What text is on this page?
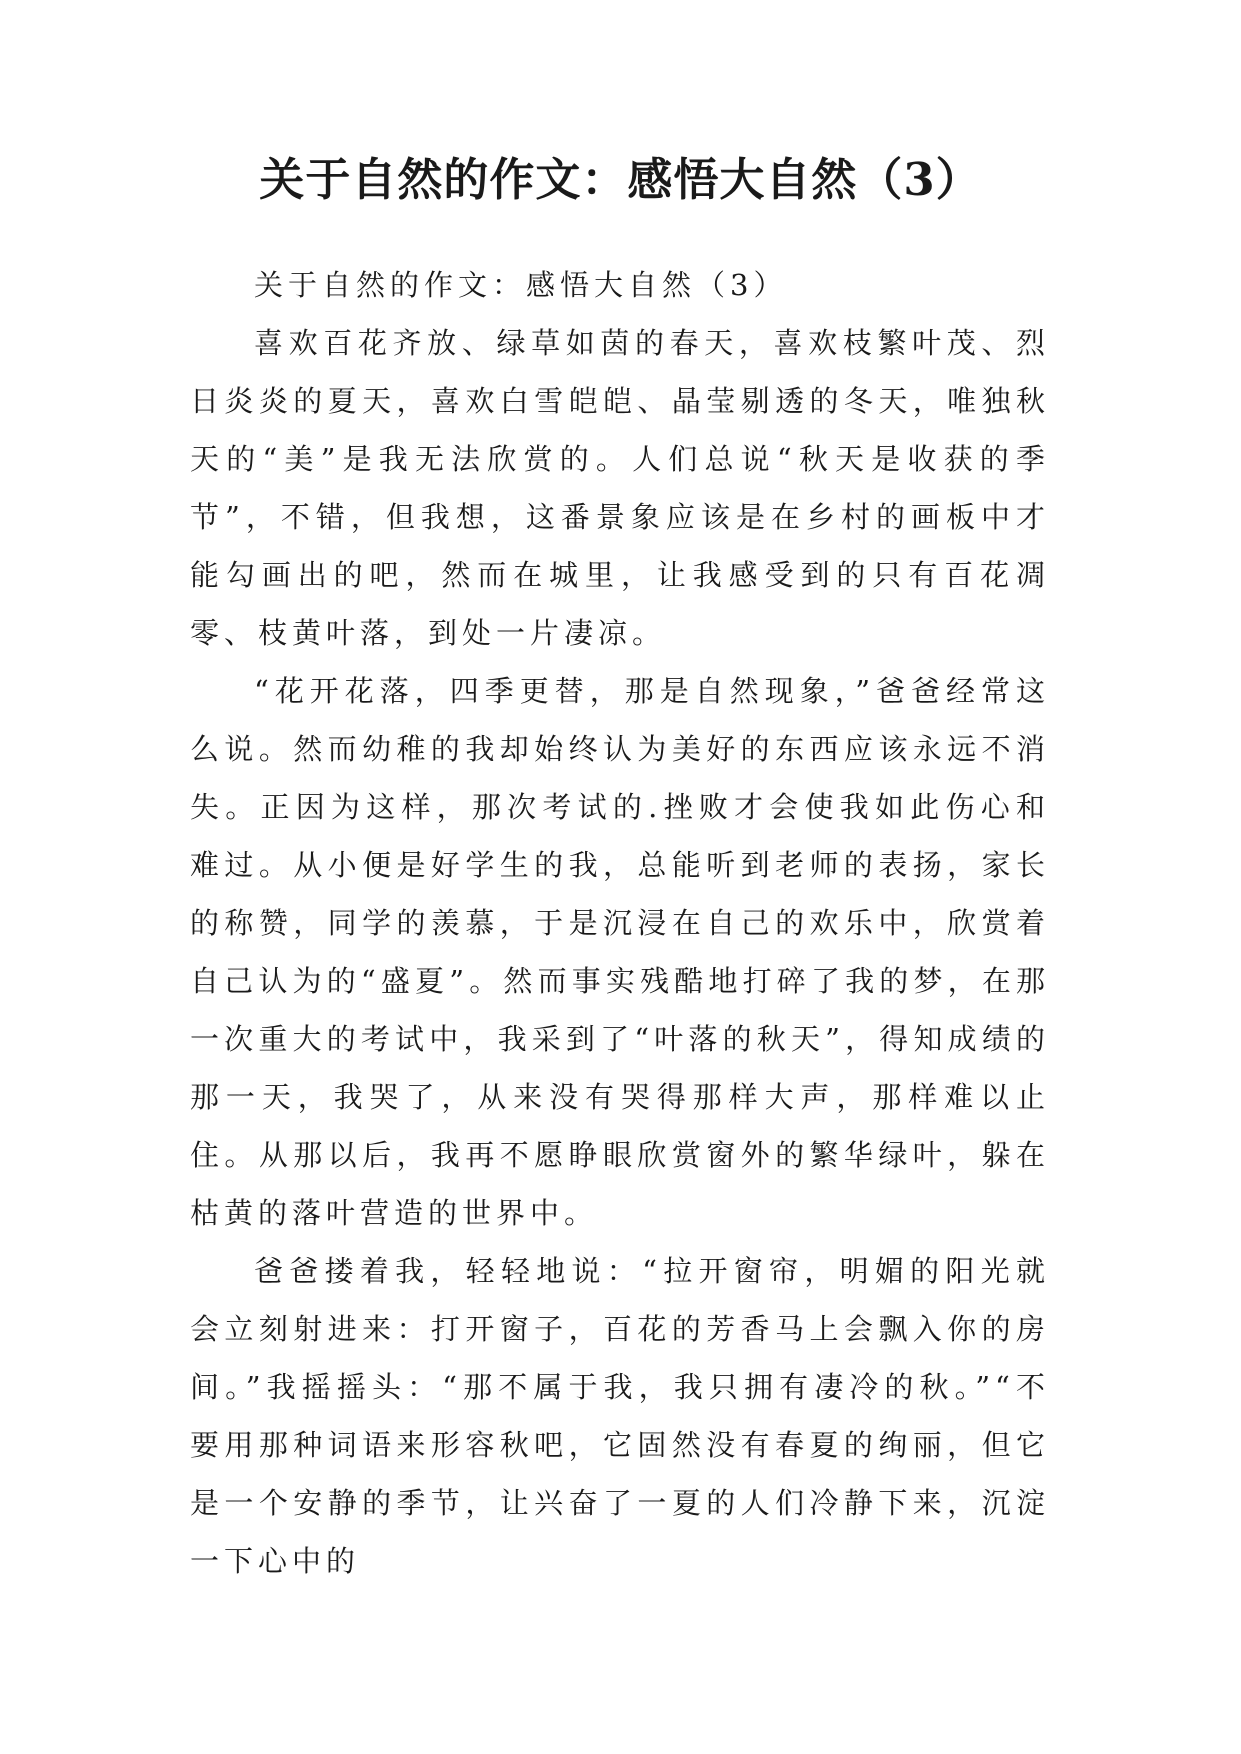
关于自然的作文：感悟大自然（3）

关于自然的作文：感悟大自然（3）

喜欢百花齐放、绿草如茵的春天，喜欢枝繁叶茂、烈日炎炎的夏天，喜欢白雪皑皑、晶莹剔透的冬天，唯独秋天的“美”是我无法欣赏的。人们总说“秋天是收获的季节”，不错，但我想，这番景象应该是在乡村的画板中才能勾画出的吧，然而在城里，让我感受到的只有百花凋零、枝黄叶落，到处一片凄凉。

“花开花落，四季更替，那是自然现象，”爸爸经常这么说。然而幼稚的我却始终认为美好的东西应该永远不消失。正因为这样，那次考试的.挫败才会使我如此伤心和难过。从小便是好学生的我，总能听到老师的表扬，家长的称赞，同学的羡慕，于是沉浸在自己的欢乐中，欣赏着自己认为的“盛夏”。然而事实残酷地打碎了我的梦，在那一次重大的考试中，我采到了“叶落的秋天”，得知成绩的那一天，我哭了，从来没有哭得那样大声，那样难以止住。从那以后，我再不愿睁眼欣赏窗外的繁华绿叶，躲在枯黄的落叶营造的世界中。

爸爸搂着我，轻轻地说：“拉开窗帘，明媚的阳光就会立刻射进来：打开窗子，百花的芳香马上会飘入你的房间。”我摇摇头：“那不属于我，我只拥有凄冷的秋。”“不要用那种词语来形容秋吧，它固然没有春夏的绚丽，但它是一个安静的季节，让兴奋了一夏的人们冷静下来，沉淀一下心中的
